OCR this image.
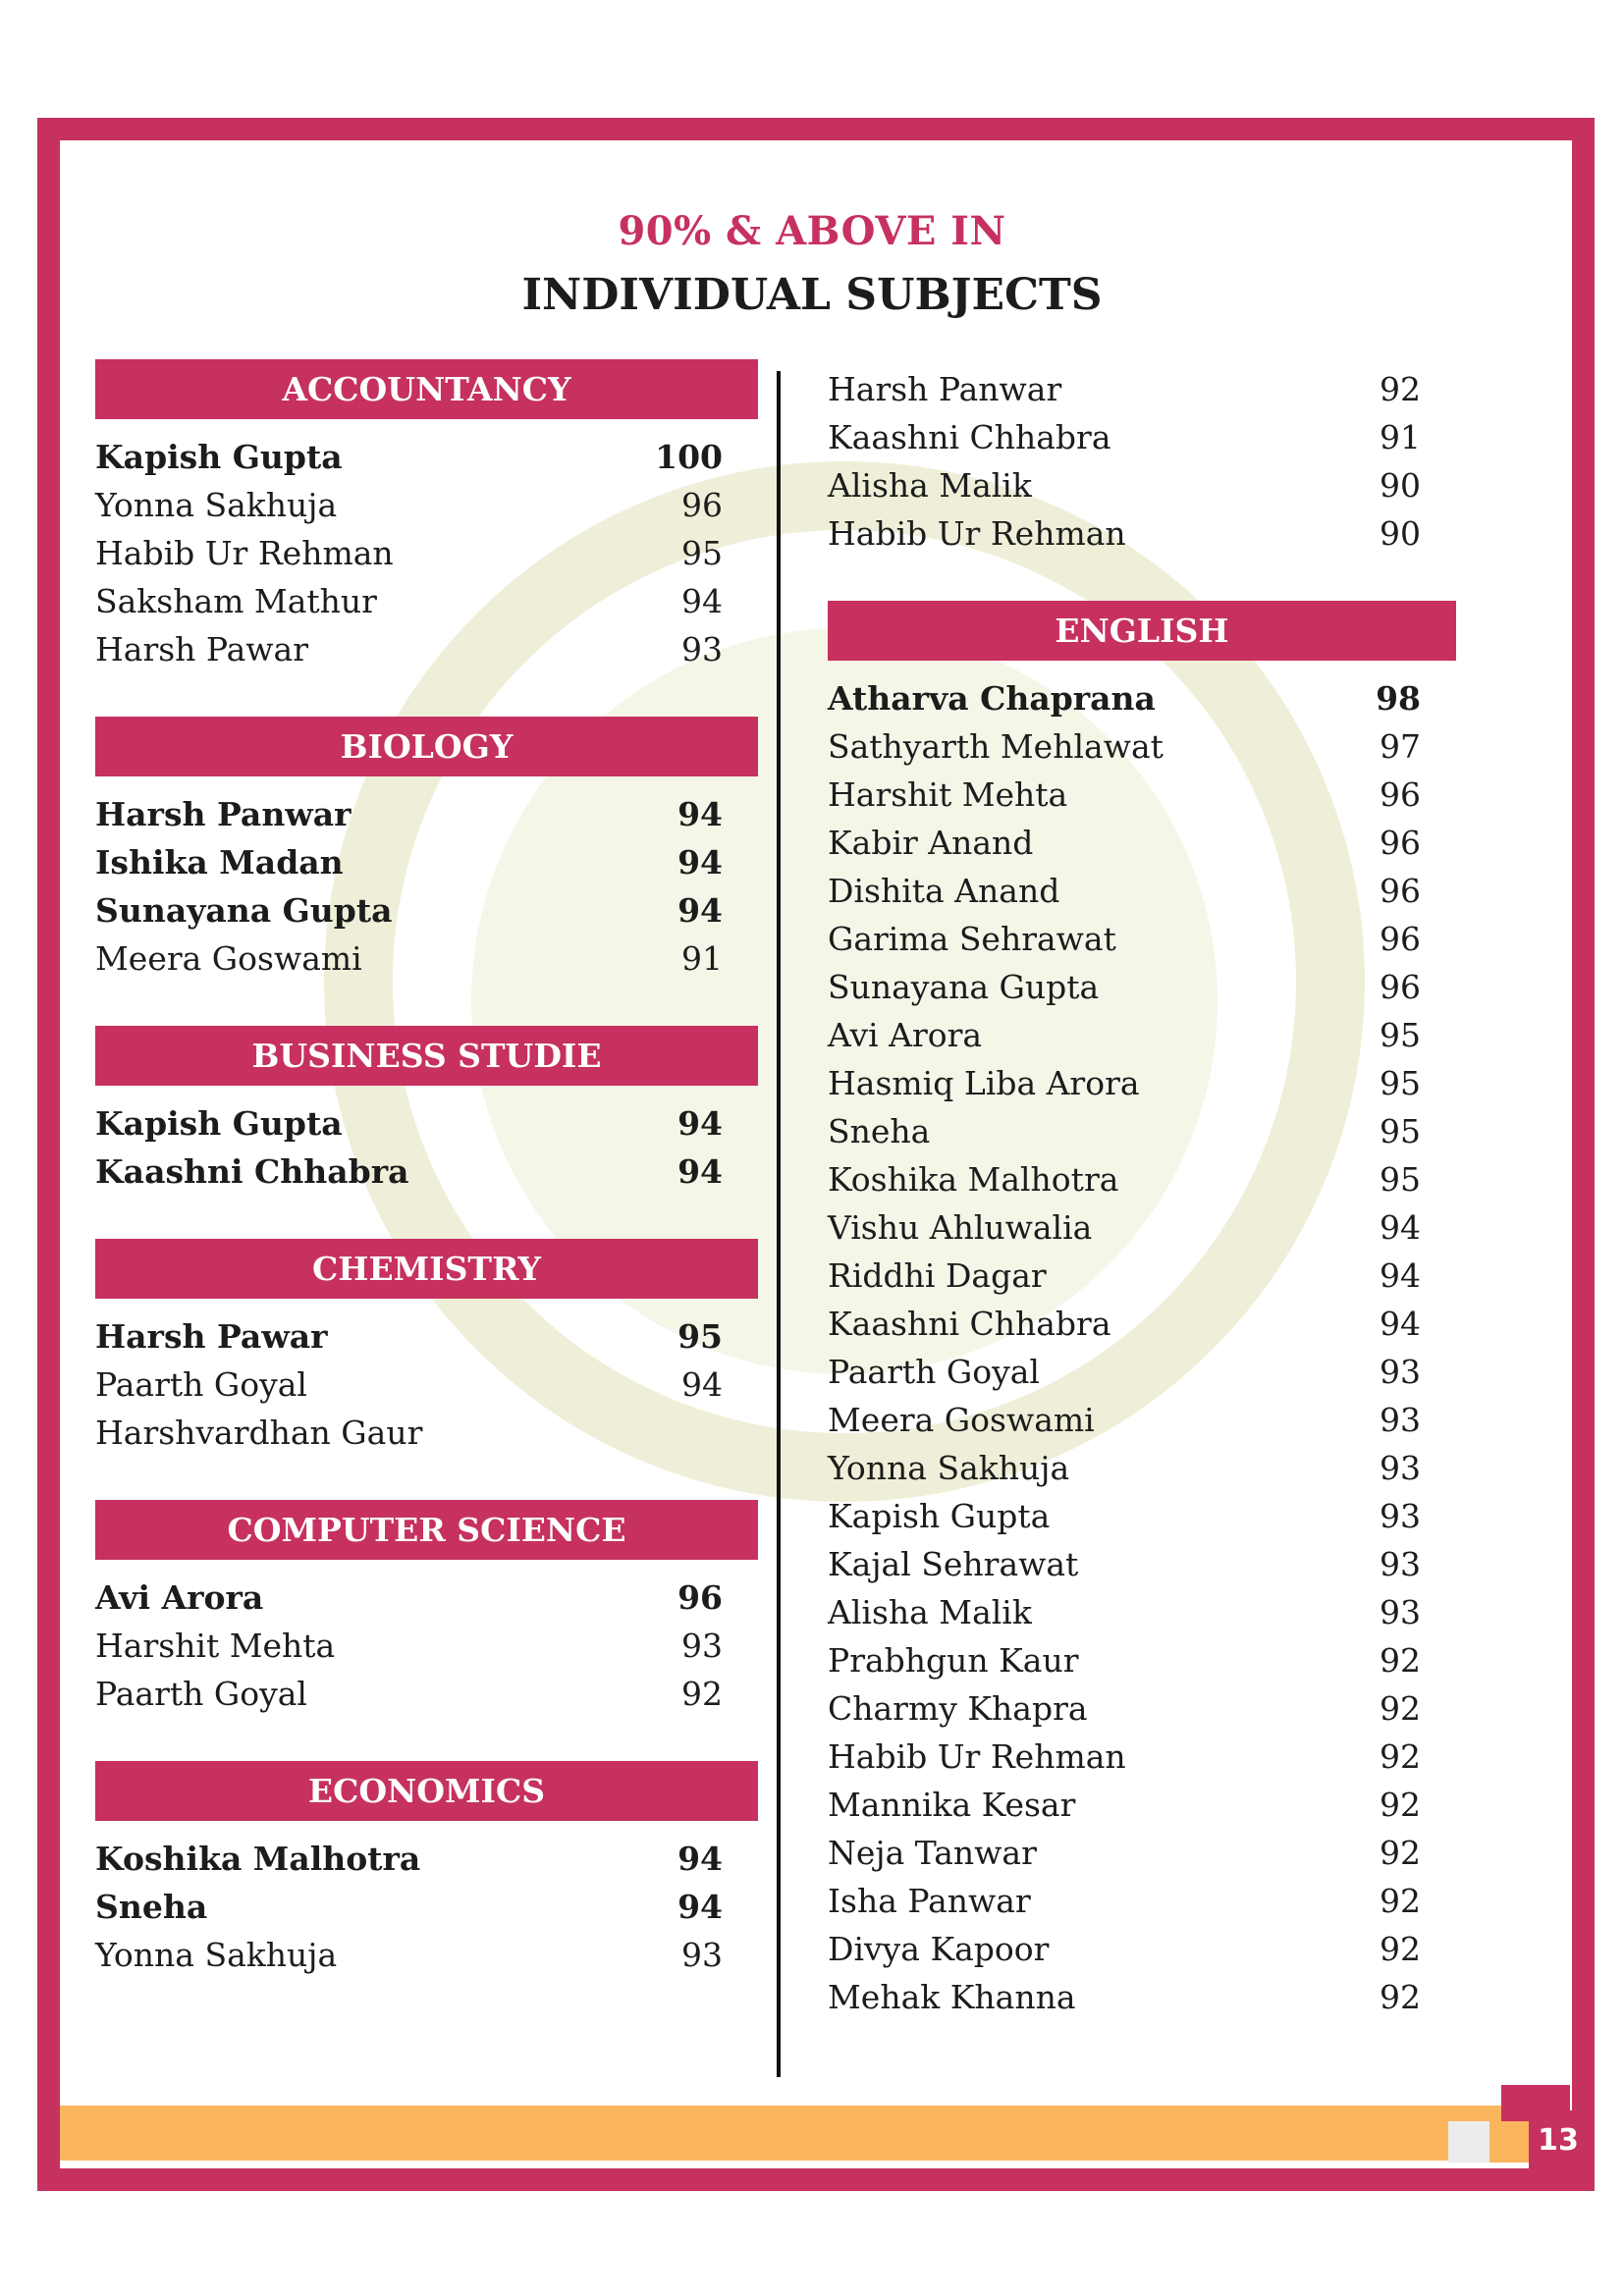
90% & ABOVE IN
INDIVIDUAL SUBJECTS
ACCOUNTANCY
Kapish Gupta	100
Yonna Sakhuja	96
Habib Ur Rehman	95
Saksham Mathur	94
Harsh Pawar	93
BIOLOGY
Harsh Panwar	94
Ishika Madan	94
Sunayana Gupta	94
Meera Goswami	91
BUSINESS STUDIE
Kapish Gupta	94
Kaashni Chhabra	94
CHEMISTRY
Harsh Pawar	95
Paarth Goyal	94
Harshvardhan Gaur
COMPUTER SCIENCE
Avi Arora	96
Harshit Mehta	93
Paarth Goyal	92
ECONOMICS
Koshika Malhotra	94
Sneha	94
Yonna Sakhuja	93
Harsh Panwar	92
Kaashni Chhabra	91
Alisha Malik	90
Habib Ur Rehman	90
ENGLISH
Atharva Chaprana	98
Sathyarth Mehlawat	97
Harshit Mehta	96
Kabir Anand	96
Dishita Anand	96
Garima Sehrawat	96
Sunayana Gupta	96
Avi Arora	95
Hasmiq Liba Arora	95
Sneha	95
Koshika Malhotra	95
Vishu Ahluwalia	94
Riddhi Dagar	94
Kaashni Chhabra	94
Paarth Goyal	93
Meera Goswami	93
Yonna Sakhuja	93
Kapish Gupta	93
Kajal Sehrawat	93
Alisha Malik	93
Prabhgun Kaur	92
Charmy Khapra	92
Habib Ur Rehman	92
Mannika Kesar	92
Neja Tanwar	92
Isha Panwar	92
Divya Kapoor	92
Mehak Khanna	92
13
